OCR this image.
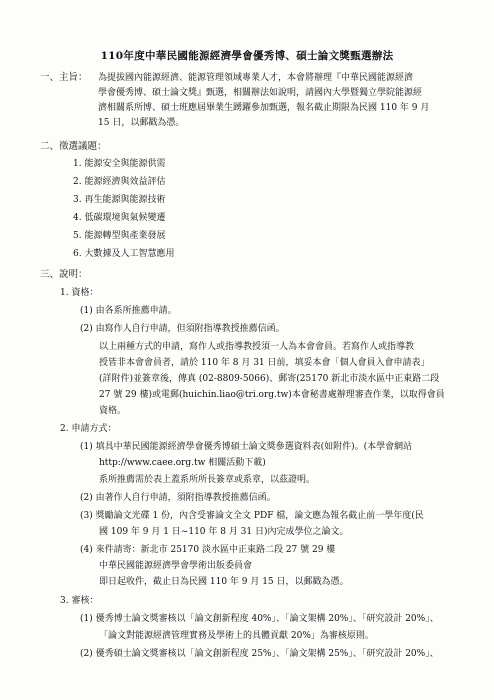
110年度中華民國能源經濟學會優秀博、碩士論文獎甄選辦法
一、主旨： 為提拔國內能源經濟、能源管理領域專業人才，本會將辦理『中華民國能源經濟
學會優秀博、碩士論文獎』甄選，相關辦法如說明，請國內大學暨獨立學院能源經
濟相關系所博、碩士班應屆畢業生踴躍參加甄選，報名截止期限為民國 110 年 9 月
15 日，以郵戳為憑。
二、徵選議題：
1. 能源安全與能源供需
2. 能源經濟與效益評估
3. 再生能源與能源技術
4. 低碳環境與氣候變遷
5. 能源轉型與產業發展
6. 大數據及人工智慧應用
三、說明：
1. 資格：
(1) 由各系所推薦申請。
(2) 由寫作人自行申請，但須附指導教授推薦信函。
以上兩種方式的申請，寫作人或指導教授須一人為本會會員。若寫作人或指導教
授皆非本會會員者，請於 110 年 8 月 31 日前，填妥本會「個人會員入會申請表」
(詳附件)並簽章後，傳真 (02-8809-5066)、郵寄(25170 新北市淡水區中正東路二段
27 號 29 樓)或電郵(huichin.liao@tri.org.tw)本會秘書處辦理審查作業，以取得會員
資格。
2. 申請方式：
(1) 填具中華民國能源經濟學會優秀博碩士論文獎參選資料表(如附件)。(本學會網站
http://www.caee.org.tw 相關活動下載)
系所推薦需於表上蓋系所所長簽章或系章，以茲證明。
(2) 由著作人自行申請，須附指導教授推薦信函。
(3) 獎勵論文光碟 1 份，內含受審論文全文 PDF 檔，論文應為報名截止前一學年度(民
國 109 年 9 月 1 日~110 年 8 月 31 日)內完成學位之論文。
(4) 來件請寄：新北市 25170 淡水區中正東路二段 27 號 29 樓
中華民國能源經濟學會學術出版委員會
即日起收件，截止日為民國 110 年 9 月 15 日，以郵戳為憑。
3. 審核：
(1) 優秀博士論文獎審核以「論文創新程度 40%」、「論文架構 20%」、「研究設計 20%」、
「論文對能源經濟管理實務及學術上的具體貢獻 20%」為審核原則。
(2) 優秀碩士論文獎審核以「論文創新程度 25%」、「論文架構 25%」、「研究設計 20%」、
